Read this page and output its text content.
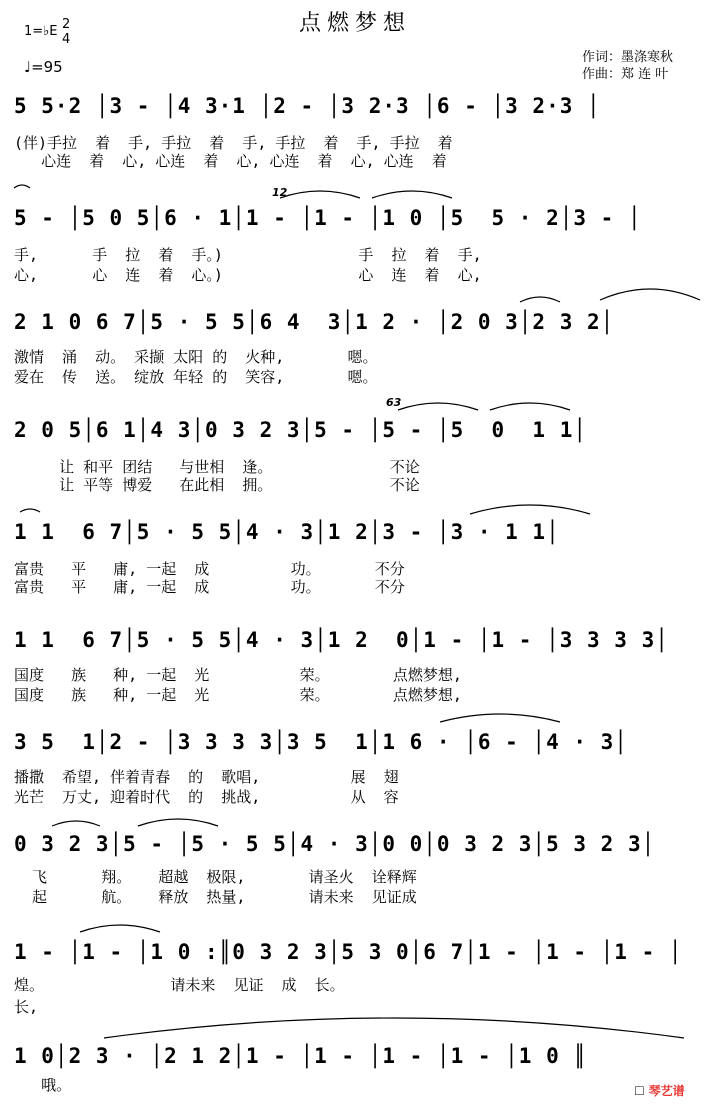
点燃梦想
1=♭E 2
4
♩=95
作词：墨涤寒秋
作曲：郑 连 叶
12
63
5 5·2 │3 - │4 3·1 │2 - │3 2·3 │6 - │3 2·3 │
(伴)手拉  着  手, 手拉  着  手, 手拉  着  手, 手拉  着
心连  着  心, 心连  着  心, 心连  着  心, 心连  着
5 - │5 0 5│6 · 1│1 - │1 - │1 0 │5  5 · 2│3 - │
手,      手  拉  着  手。)               手  拉  着  手,
心,      心  连  着  心。)               心  连  着  心,
2 1 0 6 7│5 · 5 5│6 4  3│1 2 · │2 0 3│2 3 2│
激情  涌  动。 采撷 太阳 的  火种,       嗯。
爱在  传  送。 绽放 年轻 的  笑容,       嗯。
2 0 5│6 1│4 3│0 3 2 3│5 - │5 - │5  0  1 1│
让 和平 团结   与世相  逢。             不论
让 平等 博爱   在此相  拥。             不论
1 1  6 7│5 · 5 5│4 · 3│1 2│3 - │3 · 1 1│
富贵   平   庸, 一起  成         功。      不分
富贵   平   庸, 一起  成         功。      不分
1 1  6 7│5 · 5 5│4 · 3│1 2  0│1 - │1 - │3 3 3 3│
国度   族   种, 一起  光          荣。       点燃梦想,
国度   族   种, 一起  光          荣。       点燃梦想,
3 5  1│2 - │3 3 3 3│3 5  1│1 6 · │6 - │4 · 3│
播撒  希望, 伴着青春  的  歌唱,          展  翅
光芒  万丈, 迎着时代  的  挑战,          从  容
0 3 2 3│5 - │5 · 5 5│4 · 3│0 0│0 3 2 3│5 3 2 3│
飞      翔。   超越  极限,       请圣火  诠释辉
起      航。   释放  热量,       请未来  见证成
1 - │1 - │1 0 :║0 3 2 3│5 3 0│6 7│1 - │1 - │1 - │
煌。              请未来  见证  成  长。
长,
1 0│2 3 · │2 1 2│1 - │1 - │1 - │1 - │1 0 ║
哦。	☐ 琴艺谱
